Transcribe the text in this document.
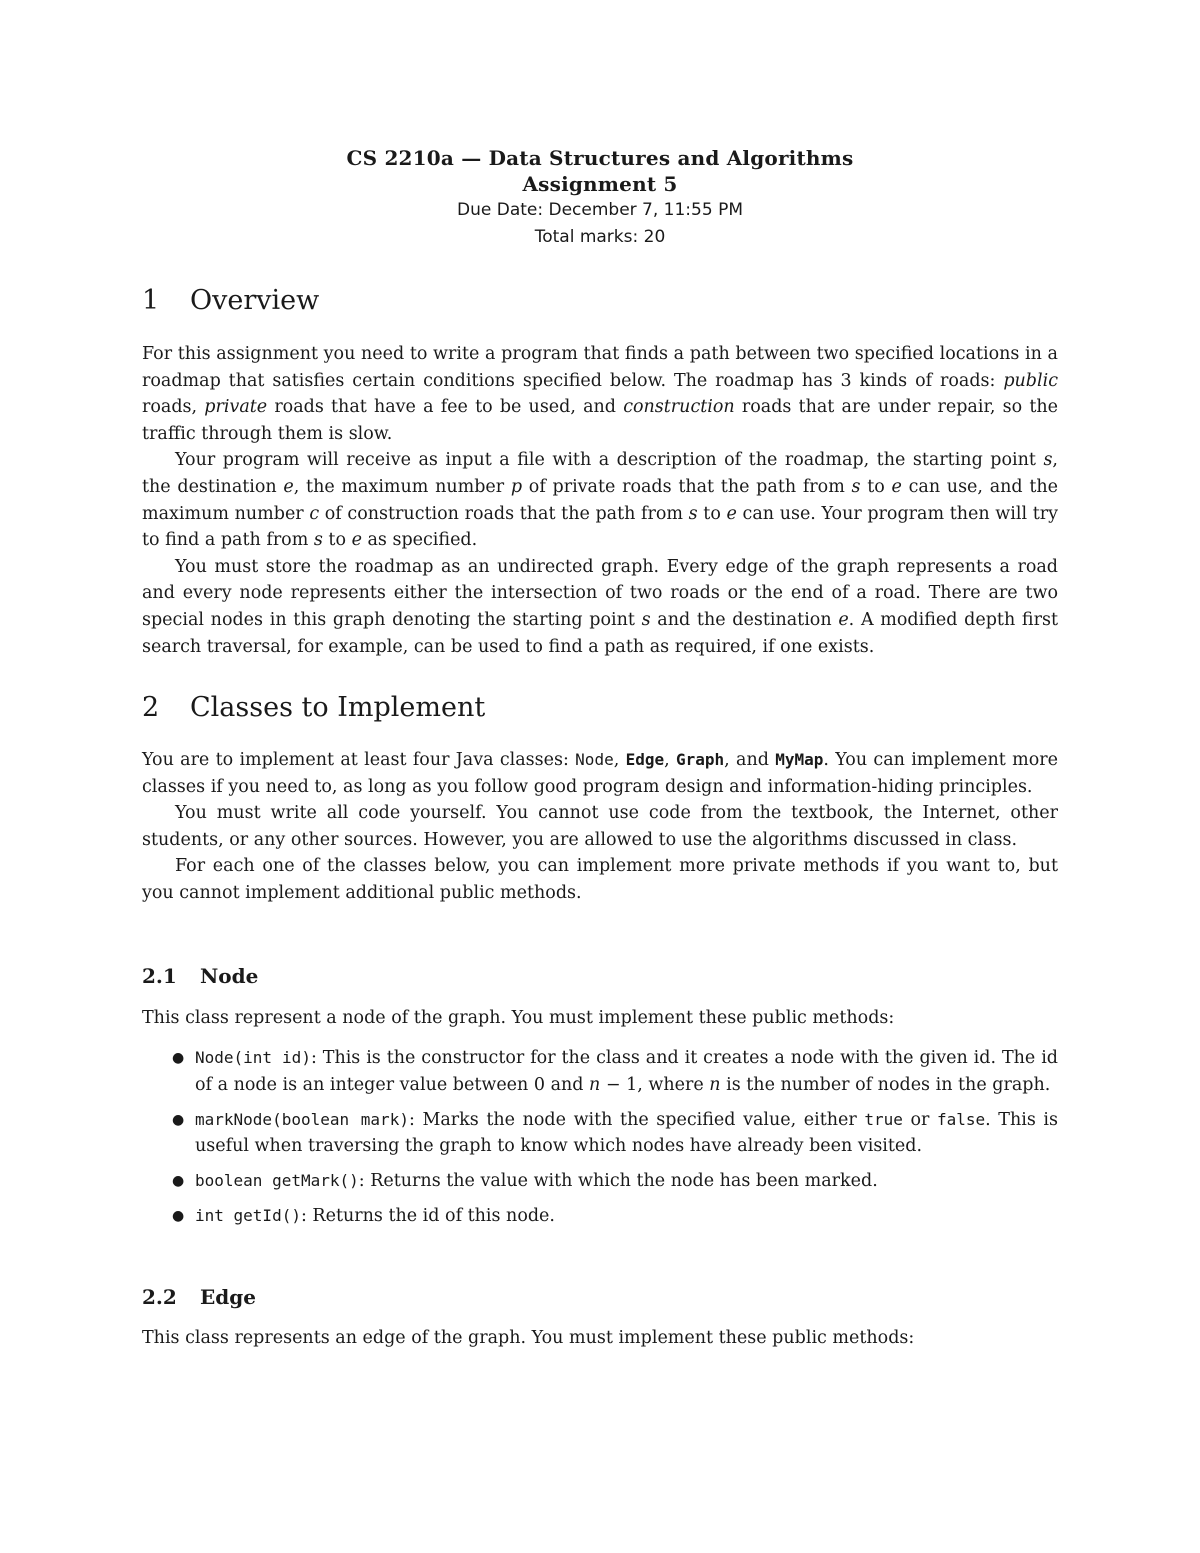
CS 2210a — Data Structures and Algorithms
Assignment 5
Due Date: December 7, 11:55 PM
Total marks: 20
1 Overview

For this assignment you need to write a program that finds a path between two specified locations in a roadmap that satisfies certain conditions specified below. The roadmap has 3 kinds of roads: public roads, private roads that have a fee to be used, and construction roads that are under repair, so the traffic through them is slow.

Your program will receive as input a file with a description of the roadmap, the starting point s, the destination e, the maximum number p of private roads that the path from s to e can use, and the maximum number c of construction roads that the path from s to e can use. Your program then will try to find a path from s to e as specified.

You must store the roadmap as an undirected graph. Every edge of the graph represents a road and every node represents either the intersection of two roads or the end of a road. There are two special nodes in this graph denoting the starting point s and the destination e. A modified depth first search traversal, for example, can be used to find a path as required, if one exists.

2 Classes to Implement

You are to implement at least four Java classes: Node, Edge, Graph, and MyMap. You can implement more classes if you need to, as long as you follow good program design and information-hiding principles.

You must write all code yourself. You cannot use code from the textbook, the Internet, other students, or any other sources. However, you are allowed to use the algorithms discussed in class.

For each one of the classes below, you can implement more private methods if you want to, but you cannot implement additional public methods.

2.1 Node
This class represent a node of the graph. You must implement these public methods:
● Node(int id): This is the constructor for the class and it creates a node with the given id. The id of a node is an integer value between 0 and n − 1, where n is the number of nodes in the graph.
● markNode(boolean mark): Marks the node with the specified value, either true or false. This is useful when traversing the graph to know which nodes have already been visited.
● boolean getMark(): Returns the value with which the node has been marked.
● int getId(): Returns the id of this node.
2.2 Edge
This class represents an edge of the graph. You must implement these public methods:
